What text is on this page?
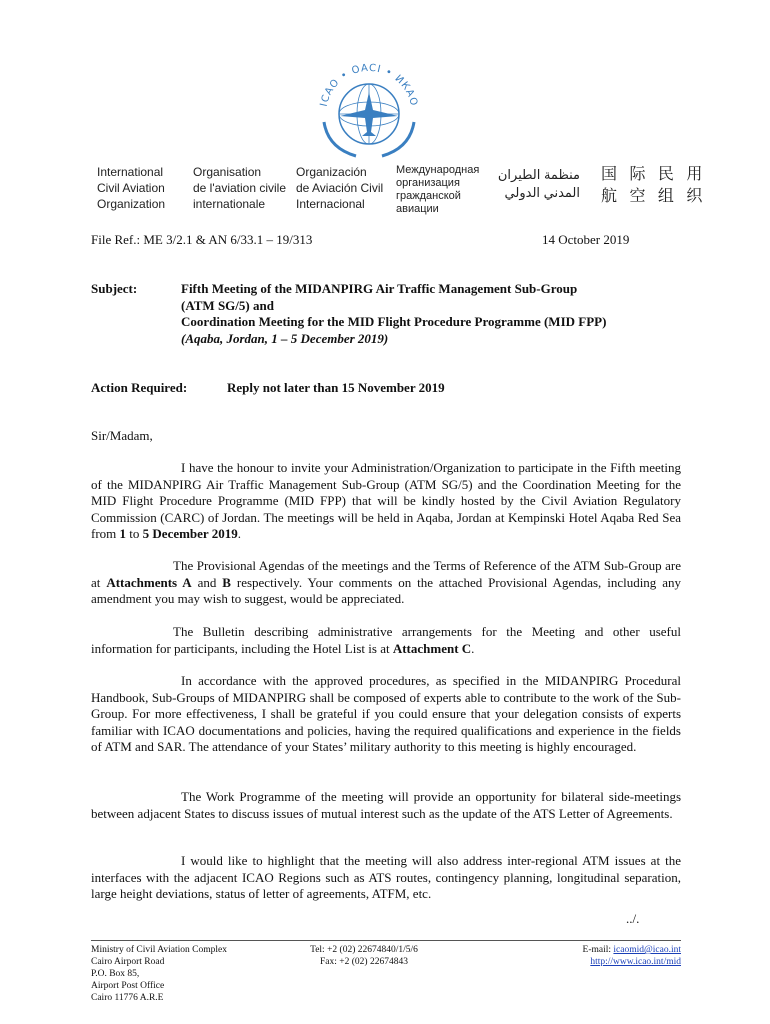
ICAO • OACI • ИКАО
International
Civil Aviation
Organization
Organisation
de l'aviation civile
internationale
Organización
de Aviación Civil
Internacional
Международная
организация
гражданской
авиации
منظمة الطيران
المدني الدولي
国 际 民 用
航 空 组 织
File Ref.: ME 3/2.1 & AN 6/33.1 – 19/313	14 October 2019
Subject:	Fifth Meeting of the MIDANPIRG Air Traffic Management Sub-Group
(ATM SG/5) and
Coordination Meeting for the MID Flight Procedure Programme (MID FPP)
(Aqaba, Jordan, 1 – 5 December 2019)
Action Required:	Reply not later than 15 November 2019
Sir/Madam,
I have the honour to invite your Administration/Organization to participate in the Fifth meeting of the MIDANPIRG Air Traffic Management Sub-Group (ATM SG/5) and the Coordination Meeting for the MID Flight Procedure Programme (MID FPP) that will be kindly hosted by the Civil Aviation Regulatory Commission (CARC) of Jordan. The meetings will be held in Aqaba, Jordan at Kempinski Hotel Aqaba Red Sea from 1 to 5 December 2019.
The Provisional Agendas of the meetings and the Terms of Reference of the ATM Sub-Group are at Attachments A and B respectively. Your comments on the attached Provisional Agendas, including any amendment you may wish to suggest, would be appreciated.
The Bulletin describing administrative arrangements for the Meeting and other useful information for participants, including the Hotel List is at Attachment C.
In accordance with the approved procedures, as specified in the MIDANPIRG Procedural Handbook, Sub-Groups of MIDANPIRG shall be composed of experts able to contribute to the work of the Sub-Group. For more effectiveness, I shall be grateful if you could ensure that your delegation consists of experts familiar with ICAO documentations and policies, having the required qualifications and experience in the fields of ATM and SAR. The attendance of your States’ military authority to this meeting is highly encouraged.
The Work Programme of the meeting will provide an opportunity for bilateral side-meetings between adjacent States to discuss issues of mutual interest such as the update of the ATS Letter of Agreements.
I would like to highlight that the meeting will also address inter-regional ATM issues at the interfaces with the adjacent ICAO Regions such as ATS routes, contingency planning, longitudinal separation, large height deviations, status of letter of agreements, ATFM, etc.
../.
Ministry of Civil Aviation Complex
Cairo Airport Road
P.O. Box 85,
Airport Post Office
Cairo 11776 A.R.E
Tel: +2 (02) 22674840/1/5/6
Fax: +2 (02) 22674843
E-mail: icaomid@icao.int
http://www.icao.int/mid
